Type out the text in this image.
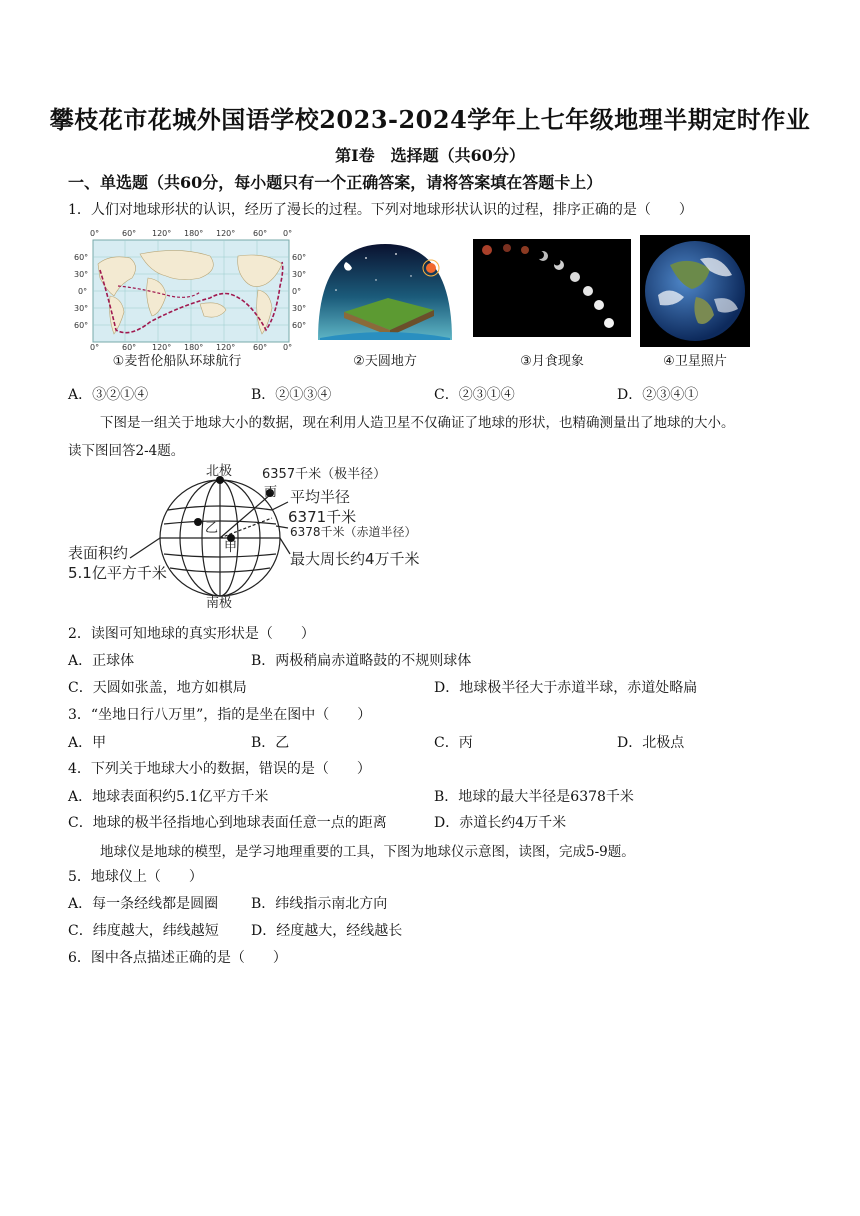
攀枝花市花城外国语学校2023-2024学年上七年级地理半期定时作业
第Ⅰ卷　选择题（共60分）
一、单选题（共60分，每小题只有一个正确答案，请将答案填在答题卡上）
1．人们对地球形状的认识，经历了漫长的过程。下列对地球形状认识的过程，排序正确的是（　　）
0°	60° 120° 180° 120° 60° 0°
0°	60° 120° 180° 120° 60° 0°
60°
30°
0°
30°
60°
60°
30°
0°
30°
60°
①麦哲伦船队环球航行	②天圆地方	③月食现象	④卫星照片
A．③②①④	B．②①③④	C．②③①④	D．②③④①
下图是一组关于地球大小的数据，现在利用人造卫星不仅确证了地球的形状，也精确测量出了地球的大小。
读下图回答2-4题。
北极
南极
6357千米（极半径）
丙 平均半径
6371千米
6378千米（赤道半径）
乙
甲
最大周长约4万千米
表面积约
5.1亿平方千米
2．读图可知地球的真实形状是（　　）
A．正球体	B．两极稍扁赤道略鼓的不规则球体
C．天圆如张盖，地方如棋局	D．地球极半径大于赤道半球，赤道处略扁
3．“坐地日行八万里”，指的是坐在图中（　　）
A．甲	B．乙	C．丙	D．北极点
4．下列关于地球大小的数据，错误的是（　　）
A．地球表面积约5.1亿平方千米	B．地球的最大半径是6378千米
C．地球的极半径指地心到地球表面任意一点的距离	D．赤道长约4万千米
地球仪是地球的模型，是学习地理重要的工具，下图为地球仪示意图，读图，完成5-9题。
5．地球仪上（　　）
A．每一条经线都是圆圈 B．纬线指示南北方向
C．纬度越大，纬线越短 D．经度越大，经线越长
6．图中各点描述正确的是（　　）
